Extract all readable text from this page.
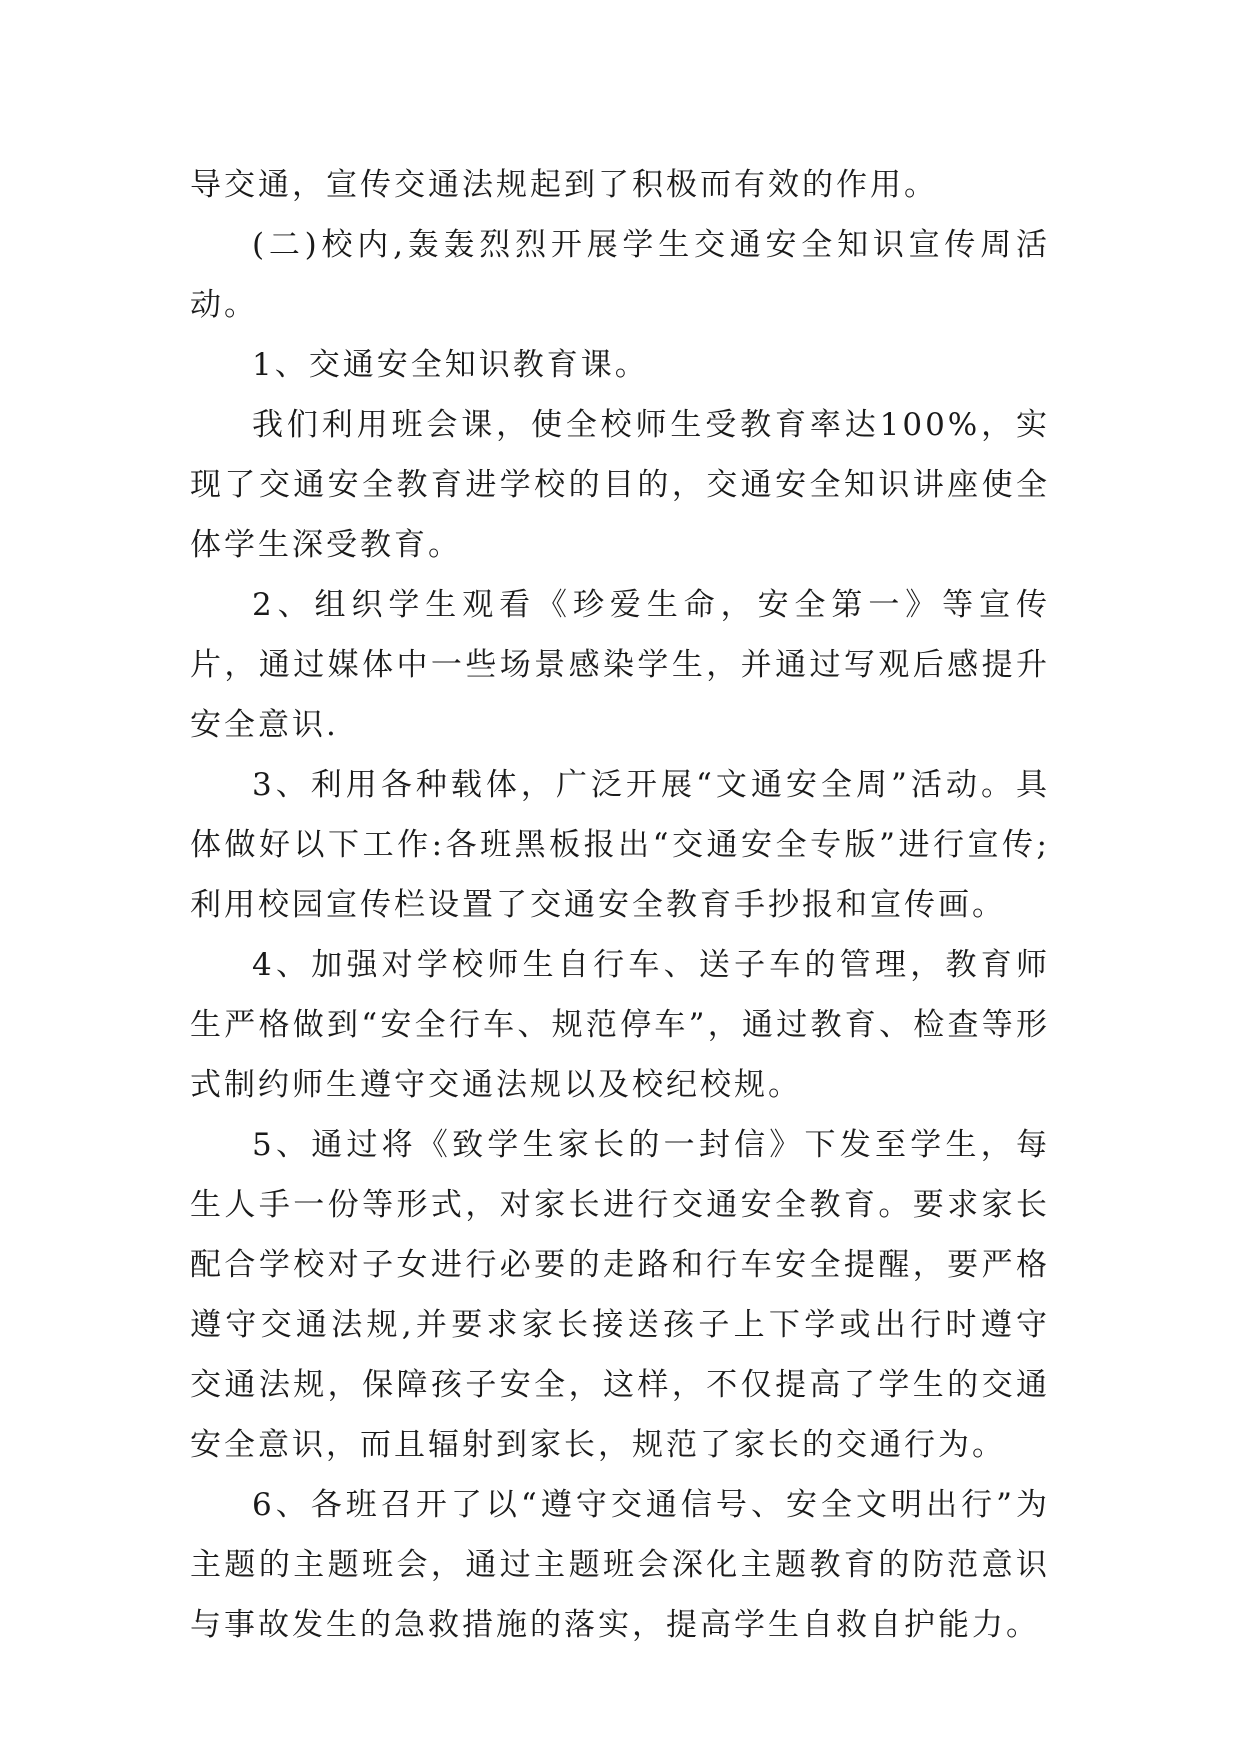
导交通，宣传交通法规起到了积极而有效的作用。

(二)校内,轰轰烈烈开展学生交通安全知识宣传周活动。

1、交通安全知识教育课。

我们利用班会课，使全校师生受教育率达100%，实现了交通安全教育进学校的目的，交通安全知识讲座使全体学生深受教育。

2、组织学生观看《珍爱生命，安全第一》等宣传片，通过媒体中一些场景感染学生，并通过写观后感提升安全意识.

3、利用各种载体，广泛开展“文通安全周”活动。具体做好以下工作:各班黑板报出“交通安全专版”进行宣传;利用校园宣传栏设置了交通安全教育手抄报和宣传画。

4、加强对学校师生自行车、送子车的管理，教育师生严格做到“安全行车、规范停车”，通过教育、检查等形式制约师生遵守交通法规以及校纪校规。

5、通过将《致学生家长的一封信》下发至学生，每生人手一份等形式，对家长进行交通安全教育。要求家长配合学校对子女进行必要的走路和行车安全提醒，要严格遵守交通法规,并要求家长接送孩子上下学或出行时遵守交通法规，保障孩子安全，这样，不仅提高了学生的交通安全意识，而且辐射到家长，规范了家长的交通行为。

6、各班召开了以“遵守交通信号、安全文明出行”为主题的主题班会，通过主题班会深化主题教育的防范意识与事故发生的急救措施的落实，提高学生自救自护能力。
